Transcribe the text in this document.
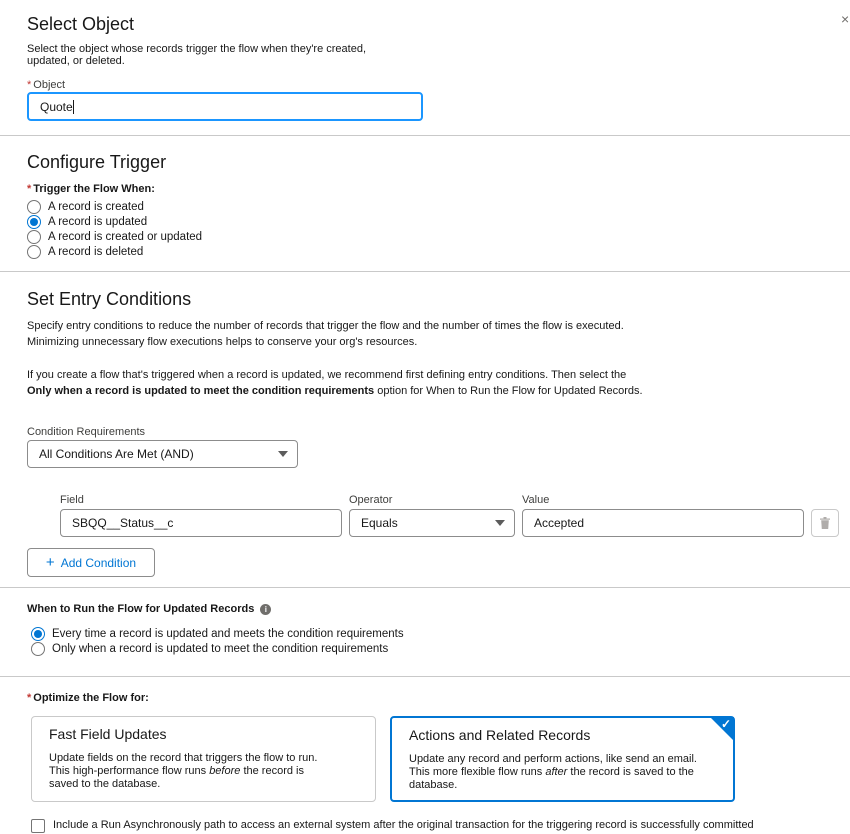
×
Select Object
Select the object whose records trigger the flow when they're created, updated, or deleted.
* Object
Quote
Configure Trigger
* Trigger the Flow When:
A record is created
A record is updated
A record is created or updated
A record is deleted
Set Entry Conditions
Specify entry conditions to reduce the number of records that trigger the flow and the number of times the flow is executed. Minimizing unnecessary flow executions helps to conserve your org's resources.
If you create a flow that's triggered when a record is updated, we recommend first defining entry conditions. Then select the Only when a record is updated to meet the condition requirements option for When to Run the Flow for Updated Records.
Condition Requirements
All Conditions Are Met (AND)
Field	Operator	Value
SBQQ__Status__c	Equals	Accepted
+ Add Condition
When to Run the Flow for Updated Records i
Every time a record is updated and meets the condition requirements
Only when a record is updated to meet the condition requirements
* Optimize the Flow for:
Fast Field Updates
Update fields on the record that triggers the flow to run. This high-performance flow runs before the record is saved to the database.
✓
Actions and Related Records
Update any record and perform actions, like send an email. This more flexible flow runs after the record is saved to the database.
Include a Run Asynchronously path to access an external system after the original transaction for the triggering record is successfully committed
